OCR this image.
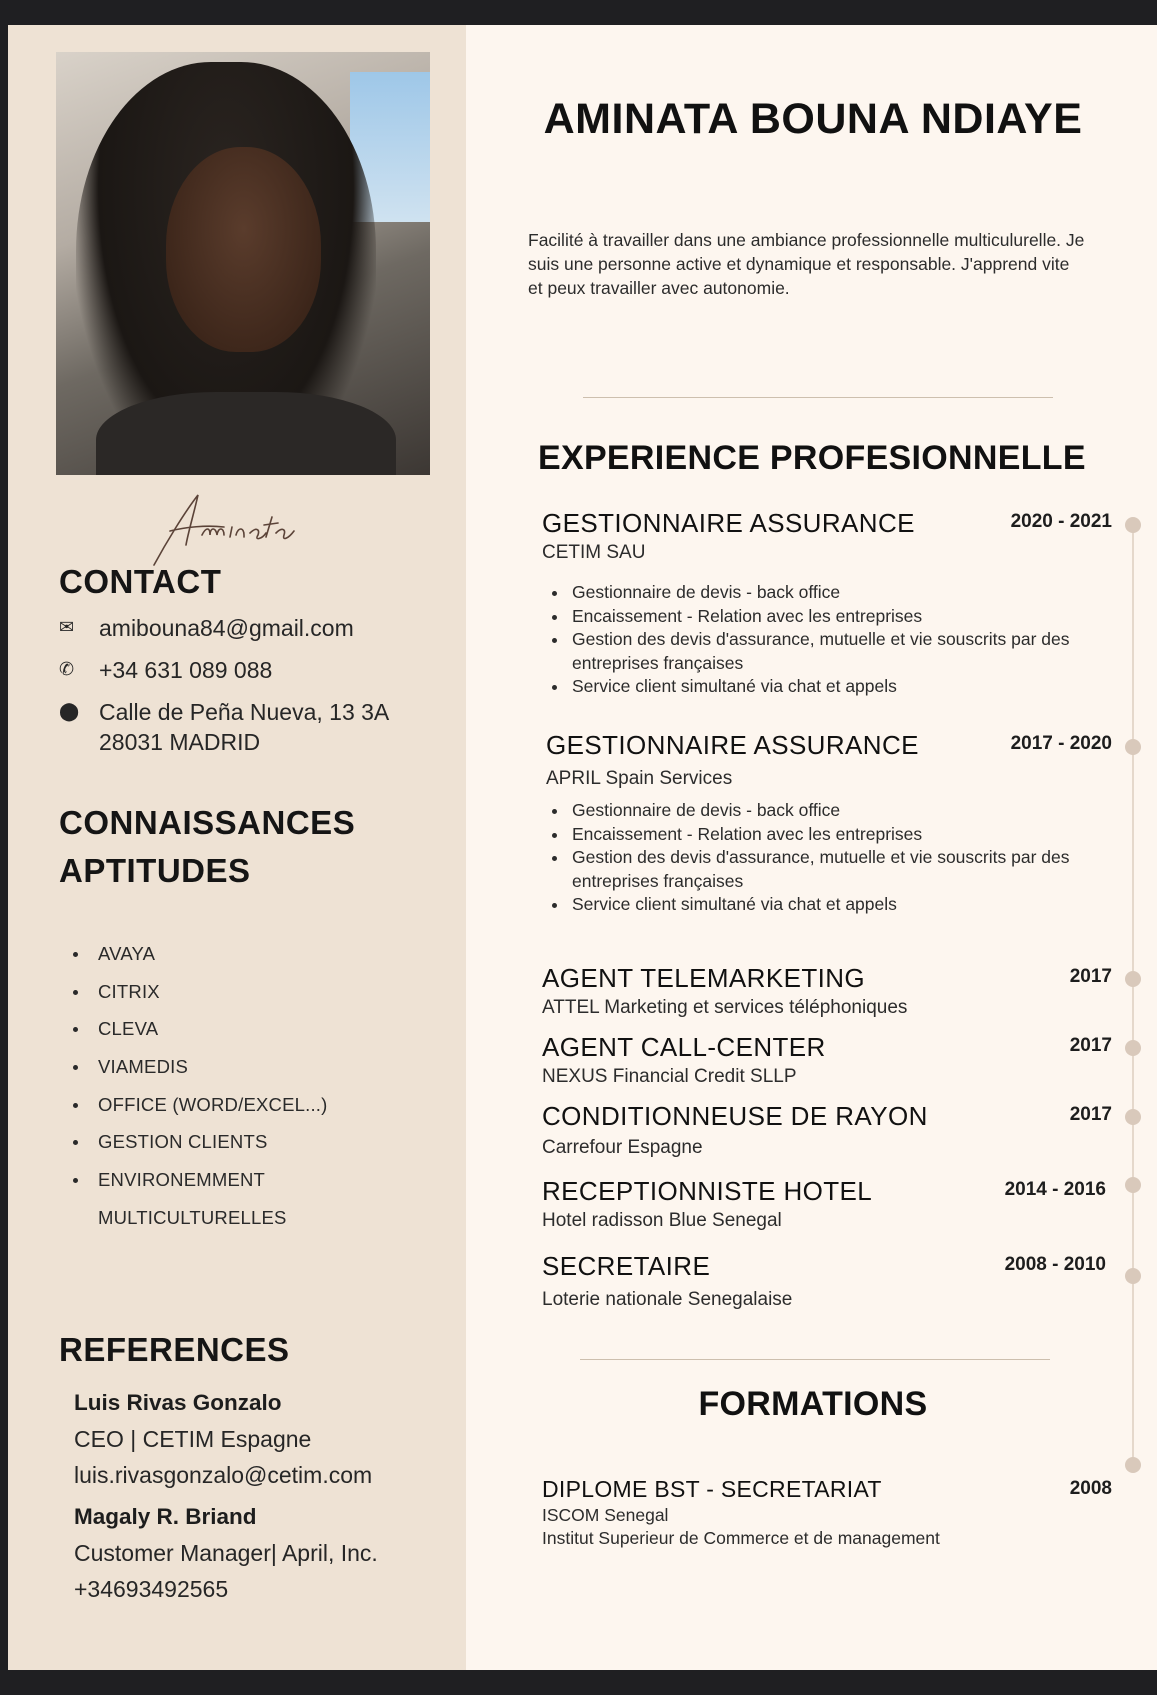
CONTACT
✉ amibouna84@gmail.com
✆ +34 631 089 088
⬤ Calle de Peña Nueva, 13 3A
28031 MADRID
CONNAISSANCES
APTITUDES
AVAYA
CITRIX
CLEVA
VIAMEDIS
OFFICE (WORD/EXCEL...)
GESTION CLIENTS
ENVIRONEMMENT
MULTICULTURELLES
REFERENCES
Luis Rivas Gonzalo
CEO | CETIM Espagne
luis.rivasgonzalo@cetim.com
Magaly R. Briand
Customer Manager| April, Inc.
+34693492565
AMINATA BOUNA NDIAYE

Facilité à travailler dans une ambiance professionnelle multiculurelle. Je suis une personne active et dynamique et responsable. J'apprend vite et peux travailler avec autonomie.

EXPERIENCE PROFESIONNELLE
GESTIONNAIRE ASSURANCE	2020 - 2021
CETIM SAU
Gestionnaire de devis - back office
Encaissement - Relation avec les entreprises
Gestion des devis d'assurance, mutuelle et vie souscrits par des entreprises françaises
Service client simultané via chat et appels
GESTIONNAIRE ASSURANCE	2017 - 2020
APRIL Spain Services
Gestionnaire de devis - back office
Encaissement - Relation avec les entreprises
Gestion des devis d'assurance, mutuelle et vie souscrits par des entreprises françaises
Service client simultané via chat et appels
AGENT TELEMARKETING	2017
ATTEL Marketing et services téléphoniques
AGENT CALL-CENTER	2017
NEXUS Financial Credit SLLP
CONDITIONNEUSE DE RAYON	2017
Carrefour Espagne
RECEPTIONNISTE HOTEL	2014 - 2016
Hotel radisson Blue Senegal
SECRETAIRE	2008 - 2010
Loterie nationale Senegalaise
FORMATIONS
DIPLOME BST - SECRETARIAT	2008
ISCOM Senegal
Institut Superieur de Commerce et de management
